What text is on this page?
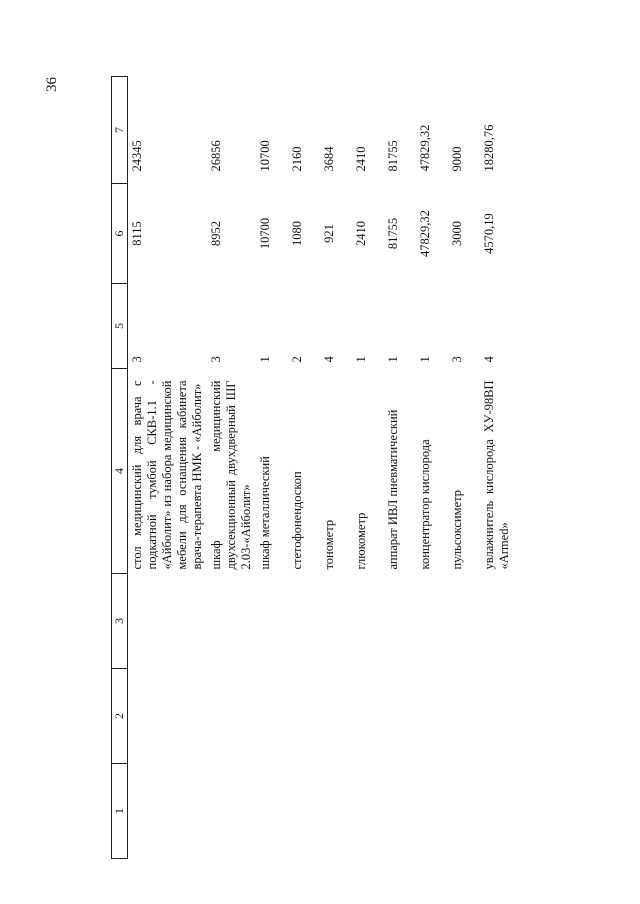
36
1	2	3	4	5	6	7
			стол медицинский для врача с подкатной тумбой СКВ-1.1 - «Айболит» из набора медицинской мебели для оснащения кабинета врача-терапевта НМК - «Айболит»	3	8115	24345
			шкаф медицинский двухсекционный двухдверный ШГ 2.03-«Айболит»	3	8952	26856
			шкаф металлический	1	10700	10700
			стетофонендоскоп	2	1080	2160
			тонометр	4	921	3684
			глюкометр	1	2410	2410
			аппарат ИВЛ пневматический	1	81755	81755
			концентратор кислорода	1	47829,32	47829,32
			пульсоксиметр	3	3000	9000
			увлажнитель кислорода ХУ-98ВП «Armed»	4	4570,19	18280,76
